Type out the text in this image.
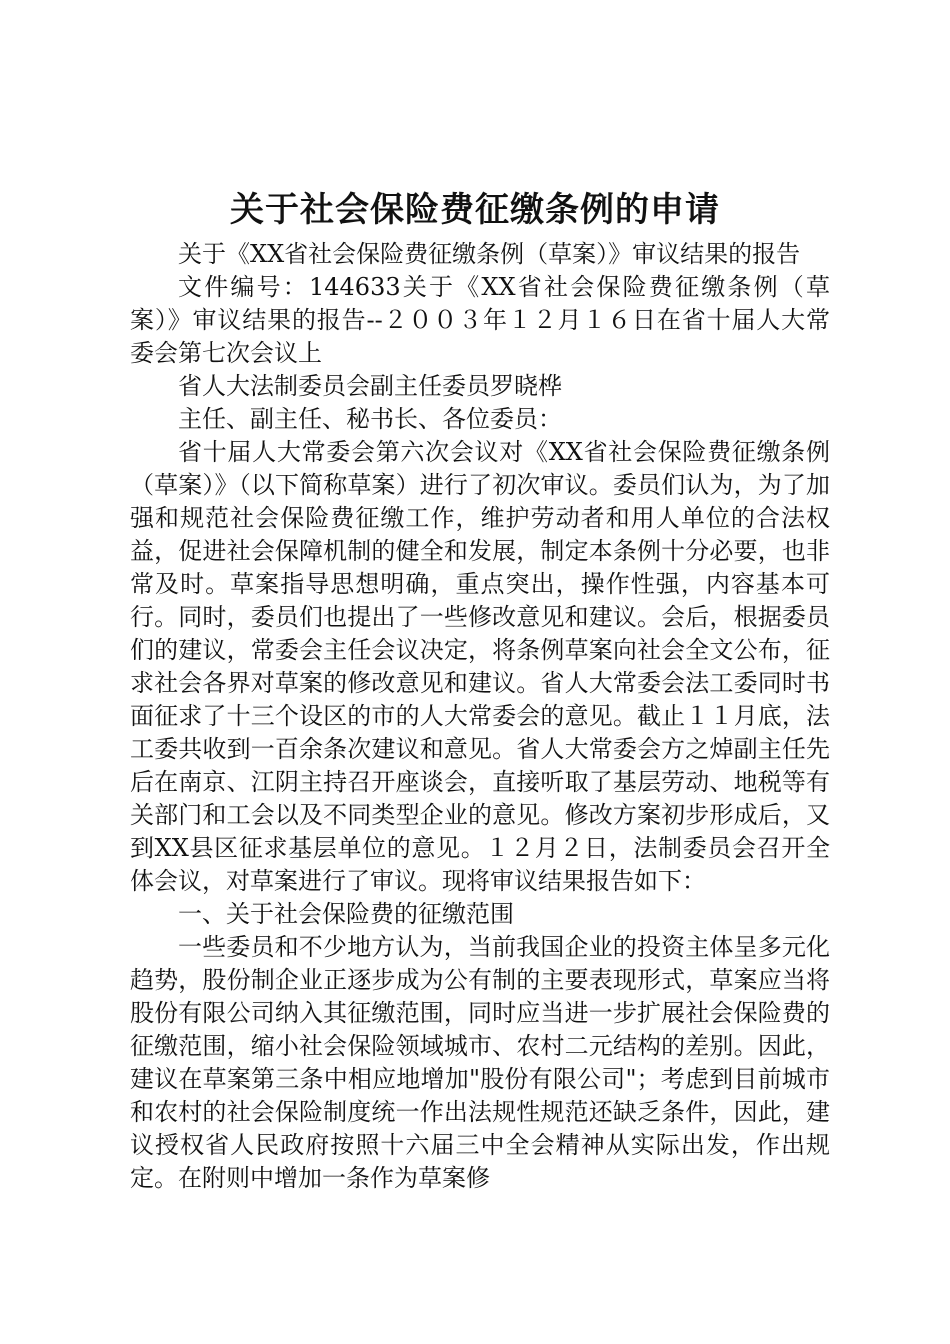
关于社会保险费征缴条例的申请

关于《XX省社会保险费征缴条例（草案）》审议结果的报告

文件编号：144633关于《XX省社会保险费征缴条例（草案）》审议结果的报告--２００３年１２月１６日在省十届人大常委会第七次会议上

省人大法制委员会副主任委员罗晓桦

主任、副主任、秘书长、各位委员：

省十届人大常委会第六次会议对《XX省社会保险费征缴条例（草案）》（以下简称草案）进行了初次审议。委员们认为，为了加强和规范社会保险费征缴工作，维护劳动者和用人单位的合法权益，促进社会保障机制的健全和发展，制定本条例十分必要，也非常及时。草案指导思想明确，重点突出，操作性强，内容基本可行。同时，委员们也提出了一些修改意见和建议。会后，根据委员们的建议，常委会主任会议决定，将条例草案向社会全文公布，征求社会各界对草案的修改意见和建议。省人大常委会法工委同时书面征求了十三个设区的市的人大常委会的意见。截止１１月底，法工委共收到一百余条次建议和意见。省人大常委会方之焯副主任先后在南京、江阴主持召开座谈会，直接听取了基层劳动、地税等有关部门和工会以及不同类型企业的意见。修改方案初步形成后，又到XX县区征求基层单位的意见。１２月２日，法制委员会召开全体会议，对草案进行了审议。现将审议结果报告如下：

一、关于社会保险费的征缴范围

一些委员和不少地方认为，当前我国企业的投资主体呈多元化趋势，股份制企业正逐步成为公有制的主要表现形式，草案应当将股份有限公司纳入其征缴范围，同时应当进一步扩展社会保险费的征缴范围，缩小社会保险领域城市、农村二元结构的差别。因此，建议在草案第三条中相应地增加"股份有限公司"；考虑到目前城市和农村的社会保险制度统一作出法规性规范还缺乏条件，因此，建议授权省人民政府按照十六届三中全会精神从实际出发，作出规定。在附则中增加一条作为草案修
